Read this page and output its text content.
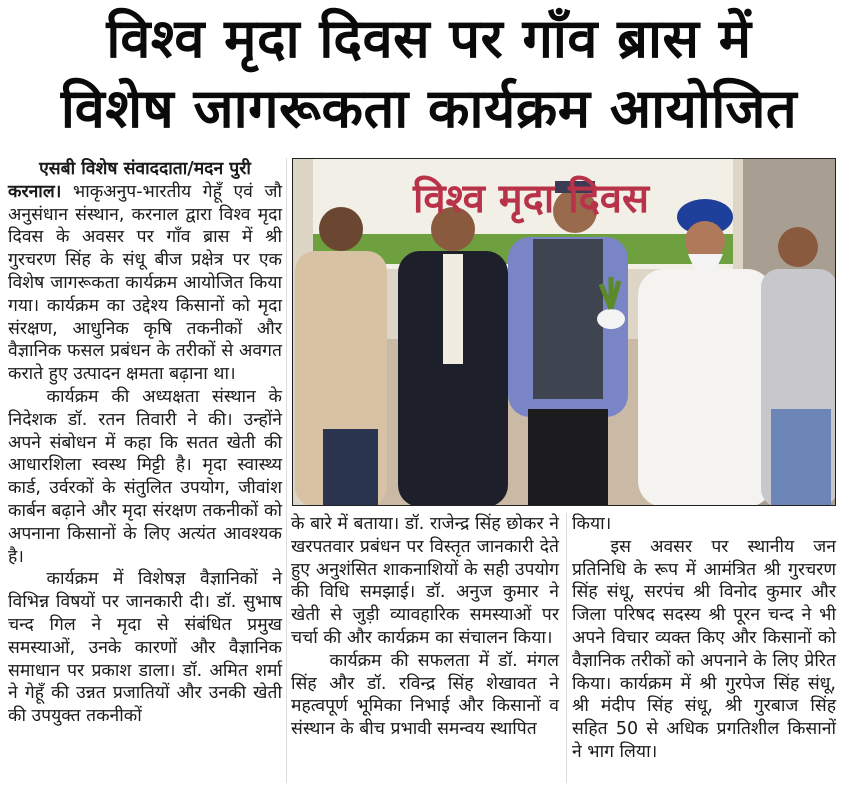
विश्व मृदा दिवस पर गाँव ब्रास में
विशेष जागरूकता कार्यक्रम आयोजित
एसबी विशेष संवाददाता/मदन पुरी

करनाल। भाकृअनुप-भारतीय गेहूँ एवं जौ अनुसंधान संस्थान, करनाल द्वारा विश्व मृदा दिवस के अवसर पर गाँव ब्रास में श्री गुरचरण सिंह के संधू बीज प्रक्षेत्र पर एक विशेष जागरूकता कार्यक्रम आयोजित किया गया। कार्यक्रम का उद्देश्य किसानों को मृदा संरक्षण, आधुनिक कृषि तकनीकों और वैज्ञानिक फसल प्रबंधन के तरीकों से अवगत कराते हुए उत्पादन क्षमता बढ़ाना था।

कार्यक्रम की अध्यक्षता संस्थान के निदेशक डॉ. रतन तिवारी ने की। उन्होंने अपने संबोधन में कहा कि सतत खेती की आधारशिला स्वस्थ मिट्टी है। मृदा स्वास्थ्य कार्ड, उर्वरकों के संतुलित उपयोग, जीवांश कार्बन बढ़ाने और मृदा संरक्षण तकनीकों को अपनाना किसानों के लिए अत्यंत आवश्यक है।

कार्यक्रम में विशेषज्ञ वैज्ञानिकों ने विभिन्न विषयों पर जानकारी दी। डॉ. सुभाष चन्द गिल ने मृदा से संबंधित प्रमुख समस्याओं, उनके कारणों और वैज्ञानिक समाधान पर प्रकाश डाला। डॉ. अमित शर्मा ने गेहूँ की उन्नत प्रजातियों और उनकी खेती की उपयुक्त तकनीकों

विश्व मृदा दिवस

के बारे में बताया। डॉ. राजेन्द्र सिंह छोकर ने खरपतवार प्रबंधन पर विस्तृत जानकारी देते हुए अनुशंसित शाकनाशियों के सही उपयोग की विधि समझाई। डॉ. अनुज कुमार ने खेती से जुड़ी व्यावहारिक समस्याओं पर चर्चा की और कार्यक्रम का संचालन किया।

कार्यक्रम की सफलता में डॉ. मंगल सिंह और डॉ. रविन्द्र सिंह शेखावत ने महत्वपूर्ण भूमिका निभाई और किसानों व संस्थान के बीच प्रभावी समन्वय स्थापित

किया।

इस अवसर पर स्थानीय जन प्रतिनिधि के रूप में आमंत्रित श्री गुरचरण सिंह संधू, सरपंच श्री विनोद कुमार और जिला परिषद सदस्य श्री पूरन चन्द ने भी अपने विचार व्यक्त किए और किसानों को वैज्ञानिक तरीकों को अपनाने के लिए प्रेरित किया। कार्यक्रम में श्री गुरपेज सिंह संधू, श्री मंदीप सिंह संधू, श्री गुरबाज सिंह सहित 50 से अधिक प्रगतिशील किसानों ने भाग लिया।
